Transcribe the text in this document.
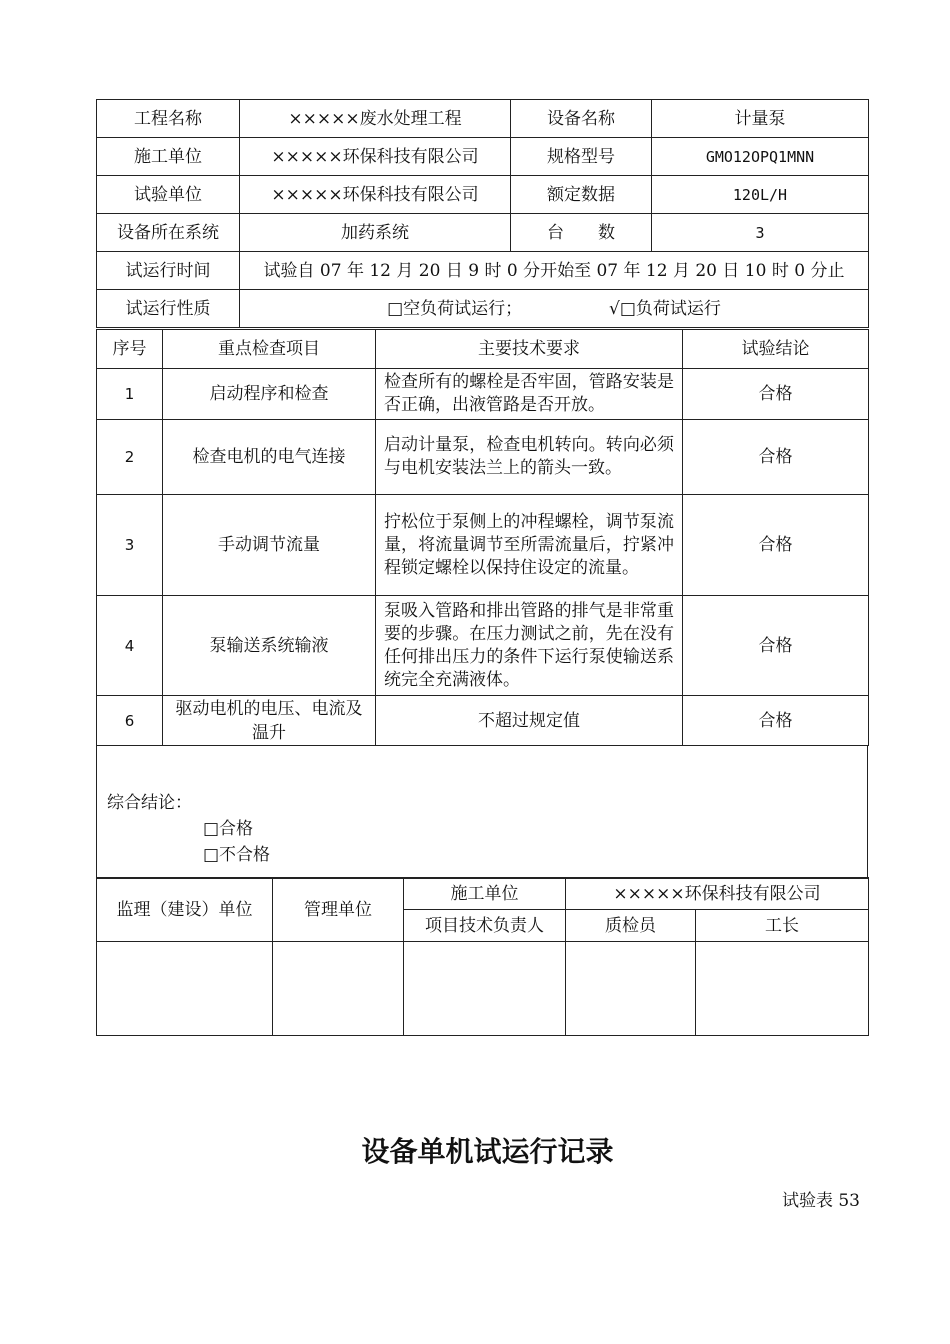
工程名称	×××××废水处理工程	设备名称	计量泵
施工单位	×××××环保科技有限公司	规格型号	GMO12OPQ1MNN
试验单位	×××××环保科技有限公司	额定数据	120L/H
设备所在系统	加药系统	台　　数	3
试运行时间	试验自 07 年 12 月 20 日 9 时 0 分开始至 07 年 12 月 20 日 10 时 0 分止		
试运行性质	□空负荷试运行； √□负荷试运行		
序号	重点检查项目	主要技术要求	试验结论
1	启动程序和检查	检查所有的螺栓是否牢固，管路安装是否正确，出液管路是否开放。	合格
2	检查电机的电气连接	启动计量泵，检查电机转向。转向必须与电机安装法兰上的箭头一致。	合格
3	手动调节流量	拧松位于泵侧上的冲程螺栓，调节泵流量，将流量调节至所需流量后，拧紧冲程锁定螺栓以保持住设定的流量。	合格
4	泵输送系统输液	泵吸入管路和排出管路的排气是非常重要的步骤。在压力测试之前，先在没有任何排出压力的条件下运行泵使输送系统完全充满液体。	合格
6	驱动电机的电压、电流及温升	不超过规定值	合格
综合结论：
□合格
□不合格
监理（建设）单位	管理单位	施工单位	×××××环保科技有限公司	
		项目技术负责人	质检员	工长

设备单机试运行记录
试验表 53
